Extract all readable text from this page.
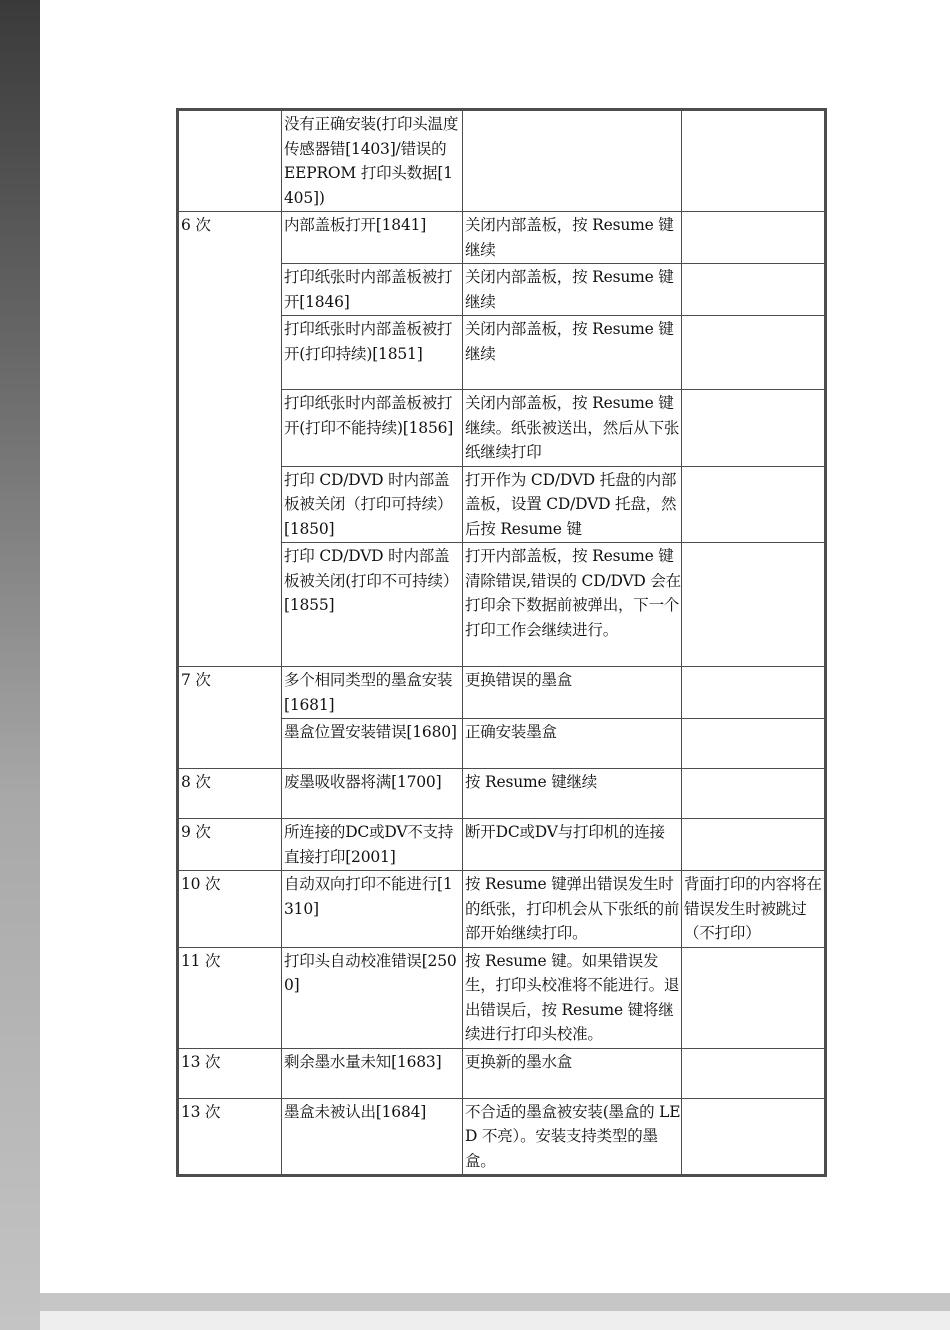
	没有正确安装(打印头温度传感器错[1403]/错误的 EEPROM 打印头数据[1405])		
6 次	内部盖板打开[1841]	关闭内部盖板，按 Resume 键继续	
	打印纸张时内部盖板被打开[1846]	关闭内部盖板，按 Resume 键继续	
	打印纸张时内部盖板被打开(打印持续)[1851]	关闭内部盖板，按 Resume 键继续	
	打印纸张时内部盖板被打开(打印不能持续)[1856]	关闭内部盖板，按 Resume 键继续。纸张被送出，然后从下张纸继续打印	
	打印 CD/DVD 时内部盖板被关闭（打印可持续）[1850]	打开作为 CD/DVD 托盘的内部盖板，设置 CD/DVD 托盘，然后按 Resume 键	
	打印 CD/DVD 时内部盖板被关闭(打印不可持续）[1855]	打开内部盖板，按 Resume 键清除错误,错误的 CD/DVD 会在打印余下数据前被弹出，下一个打印工作会继续进行。	
7 次	多个相同类型的墨盒安装[1681]	更换错误的墨盒	
	墨盒位置安装错误[1680]	正确安装墨盒	
8 次	废墨吸收器将满[1700]	按 Resume 键继续	
9 次	所连接的DC或DV不支持直接打印[2001]	断开DC或DV与打印机的连接	
10 次	自动双向打印不能进行[1310]	按 Resume 键弹出错误发生时的纸张，打印机会从下张纸的前部开始继续打印。	背面打印的内容将在错误发生时被跳过（不打印）
11 次	打印头自动校准错误[2500]	按 Resume 键。如果错误发生，打印头校准将不能进行。退出错误后，按 Resume 键将继续进行打印头校准。	
13 次	剩余墨水量未知[1683]	更换新的墨水盒	
13 次	墨盒未被认出[1684]	不合适的墨盒被安装(墨盒的 LED 不亮）。安装支持类型的墨盒。	
